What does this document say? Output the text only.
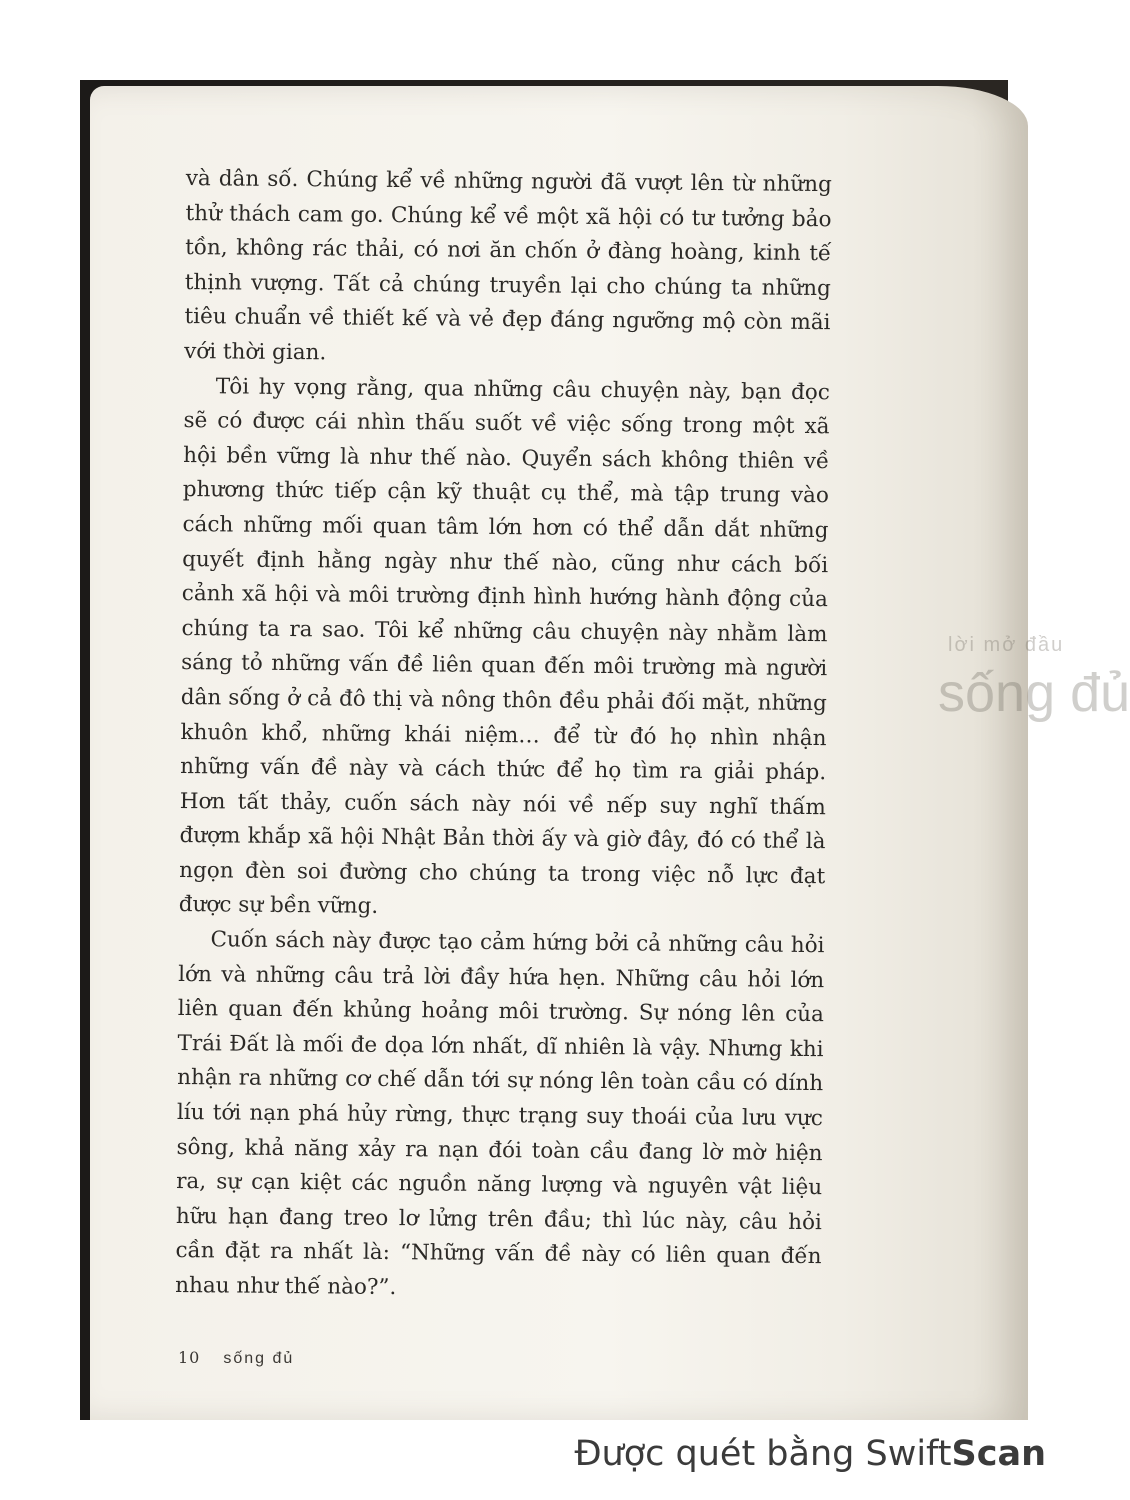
lời mở đầu
sống đủ

và dân số. Chúng kể về những người đã vượt lên từ những thử thách cam go. Chúng kể về một xã hội có tư tưởng bảo tồn, không rác thải, có nơi ăn chốn ở đàng hoàng, kinh tế thịnh vượng. Tất cả chúng truyền lại cho chúng ta những tiêu chuẩn về thiết kế và vẻ đẹp đáng ngưỡng mộ còn mãi với thời gian.

Tôi hy vọng rằng, qua những câu chuyện này, bạn đọc sẽ có được cái nhìn thấu suốt về việc sống trong một xã hội bền vững là như thế nào. Quyển sách không thiên về phương thức tiếp cận kỹ thuật cụ thể, mà tập trung vào cách những mối quan tâm lớn hơn có thể dẫn dắt những quyết định hằng ngày như thế nào, cũng như cách bối cảnh xã hội và môi trường định hình hướng hành động của chúng ta ra sao. Tôi kể những câu chuyện này nhằm làm sáng tỏ những vấn đề liên quan đến môi trường mà người dân sống ở cả đô thị và nông thôn đều phải đối mặt, những khuôn khổ, những khái niệm… để từ đó họ nhìn nhận những vấn đề này và cách thức để họ tìm ra giải pháp. Hơn tất thảy, cuốn sách này nói về nếp suy nghĩ thấm đượm khắp xã hội Nhật Bản thời ấy và giờ đây, đó có thể là ngọn đèn soi đường cho chúng ta trong việc nỗ lực đạt được sự bền vững.

Cuốn sách này được tạo cảm hứng bởi cả những câu hỏi lớn và những câu trả lời đầy hứa hẹn. Những câu hỏi lớn liên quan đến khủng hoảng môi trường. Sự nóng lên của Trái Đất là mối đe dọa lớn nhất, dĩ nhiên là vậy. Nhưng khi nhận ra những cơ chế dẫn tới sự nóng lên toàn cầu có dính líu tới nạn phá hủy rừng, thực trạng suy thoái của lưu vực sông, khả năng xảy ra nạn đói toàn cầu đang lờ mờ hiện ra, sự cạn kiệt các nguồn năng lượng và nguyên vật liệu hữu hạn đang treo lơ lửng trên đầu; thì lúc này, câu hỏi cần đặt ra nhất là: “Những vấn đề này có liên quan đến nhau như thế nào?”.

10 sống đủ
Được quét bằng SwiftScan
